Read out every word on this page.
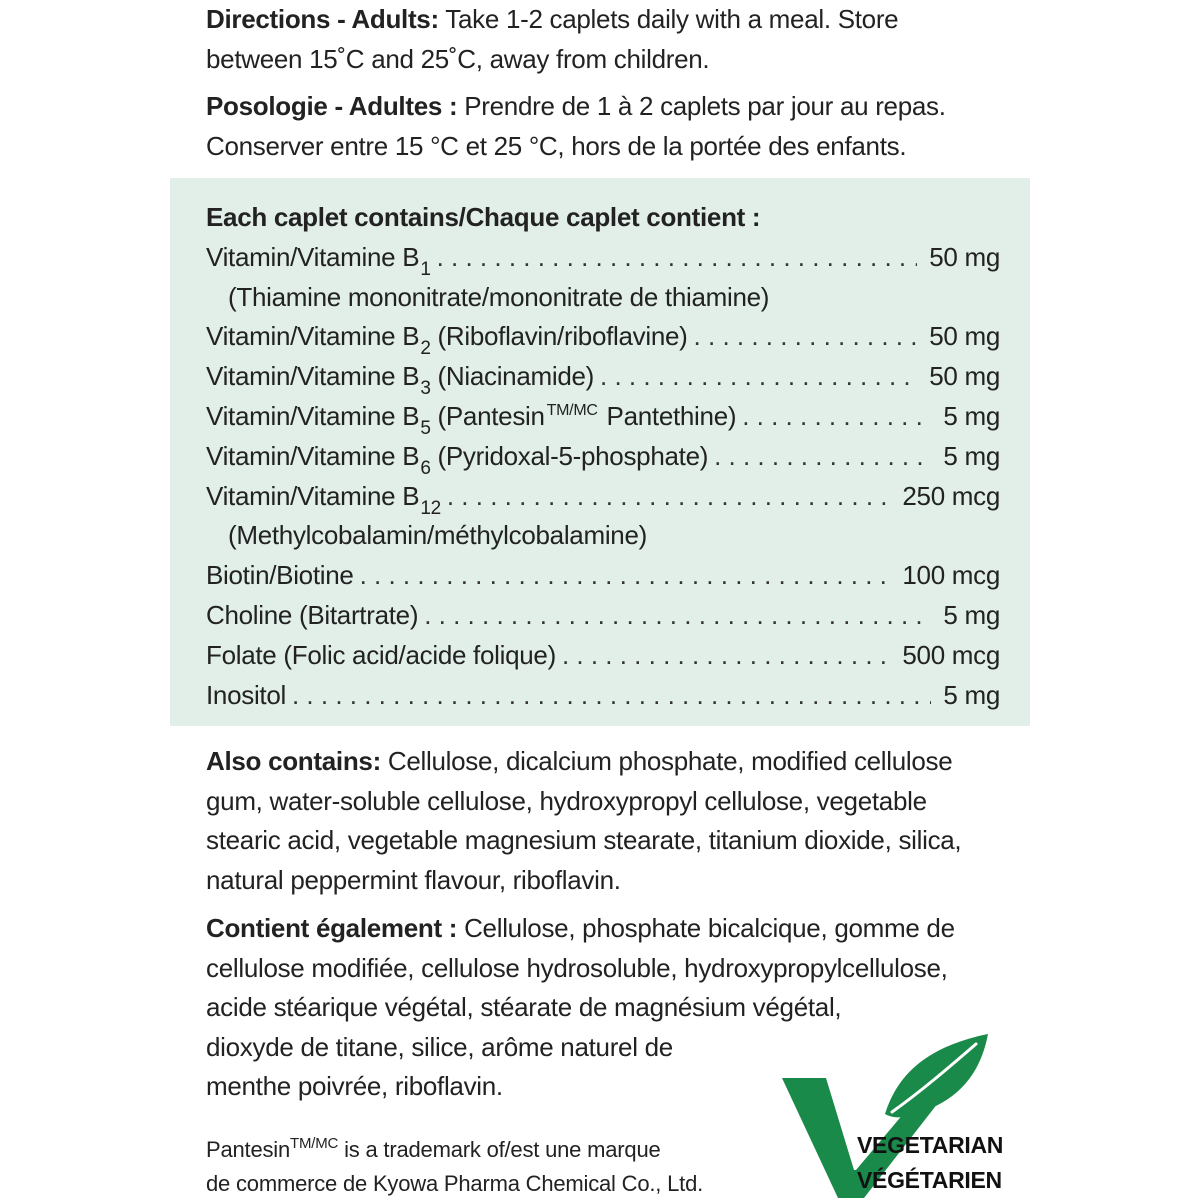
Directions - Adults: Take 1-2 caplets daily with a meal. Store

between 15˚C and 25˚C, away from children.

Posologie - Adultes : Prendre de 1 à 2 caplets par jour au repas.

Conserver entre 15 °C et 25 °C, hors de la portée des enfants.

Each caplet contains/Chaque caplet contient :
Vitamin/Vitamine $B_1$ . . .	50 mg
(Thiamine mononitrate/mononitrate de thiamine)
Vitamin/Vitamine $B_2$ (Riboflavin/riboflavine) . . .	50 mg
Vitamin/Vitamine $B_3$ (Niacinamide) . . .	50 mg
Vitamin/Vitamine $B_5$ (Pantesin $^{TM/MC}$ Pantethine) . . .	5 mg
Vitamin/Vitamine $B_6$ (Pyridoxal-5-phosphate) . . .	5 mg
Vitamin/Vitamine $B_{12}$ . . .	250 mcg
(Methylcobalamin/méthylcobalamine)
Biotin/Biotine . . .	100 mcg
Choline (Bitartrate) . . .	5 mg
Folate (Folic acid/acide folique) . . .	500 mcg
Inositol . . .	5 mg

Also contains: Cellulose, dicalcium phosphate, modified cellulose

gum, water-soluble cellulose, hydroxypropyl cellulose, vegetable

stearic acid, vegetable magnesium stearate, titanium dioxide, silica,

natural peppermint flavour, riboflavin.

Contient également : Cellulose, phosphate bicalcique, gomme de

cellulose modifiée, cellulose hydrosoluble, hydroxypropylcellulose,

acide stéarique végétal, stéarate de magnésium végétal,

dioxyde de titane, silice, arôme naturel de

menthe poivrée, riboflavin.

Pantesin$^{TM/MC}$ is a trademark of/est une marque
de commerce de Kyowa Pharma Chemical Co., Ltd.
VEGETARIAN
VÉGÉTARIEN
